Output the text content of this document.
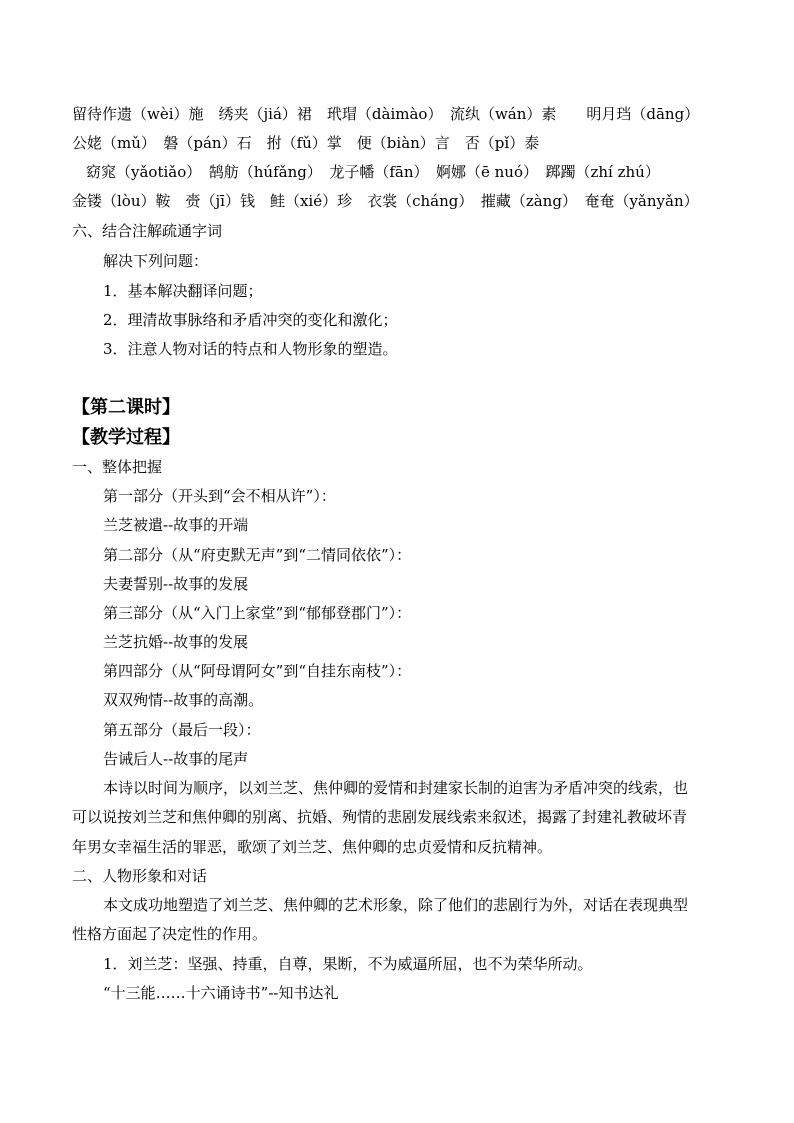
留待作遗（wèi）施　绣夹（jiá）裙　玳瑁（dàimào）　流纨（wán）素　　明月珰（dāng）
公姥（mǔ）　磐（pán）石　拊（fǔ）掌　便（biàn）言　否（pǐ）泰
窈窕（yǎotiǎo）　鹄舫（húfǎng）　龙子幡（fān）　婀娜（ē nuó）　踯躅（zhí zhú）
金镂（lòu）鞍　赍（jī）钱　鲑（xié）珍　衣裳（cháng）　摧藏（zàng）　奄奄（yǎnyǎn）
六、结合注解疏通字词
解决下列问题：
1．基本解决翻译问题；
2．理清故事脉络和矛盾冲突的变化和激化；
3．注意人物对话的特点和人物形象的塑造。
【第二课时】
【教学过程】
一、整体把握
第一部分（开头到“会不相从许”）：
兰芝被遣--故事的开端
第二部分（从“府吏默无声”到“二情同依依”）：
夫妻誓别--故事的发展
第三部分（从“入门上家堂”到“郁郁登郡门”）：
兰芝抗婚--故事的发展
第四部分（从“阿母谓阿女”到“自挂东南枝”）：
双双殉情--故事的高潮。
第五部分（最后一段）：
告诫后人--故事的尾声
本诗以时间为顺序，以刘兰芝、焦仲卿的爱情和封建家长制的迫害为矛盾冲突的线索，也
可以说按刘兰芝和焦仲卿的别离、抗婚、殉情的悲剧发展线索来叙述，揭露了封建礼教破坏青
年男女幸福生活的罪恶，歌颂了刘兰芝、焦仲卿的忠贞爱情和反抗精神。
二、人物形象和对话
本文成功地塑造了刘兰芝、焦仲卿的艺术形象，除了他们的悲剧行为外，对话在表现典型
性格方面起了决定性的作用。
1．刘兰芝：坚强、持重，自尊，果断，不为威逼所屈，也不为荣华所动。
“十三能……十六诵诗书”--知书达礼
